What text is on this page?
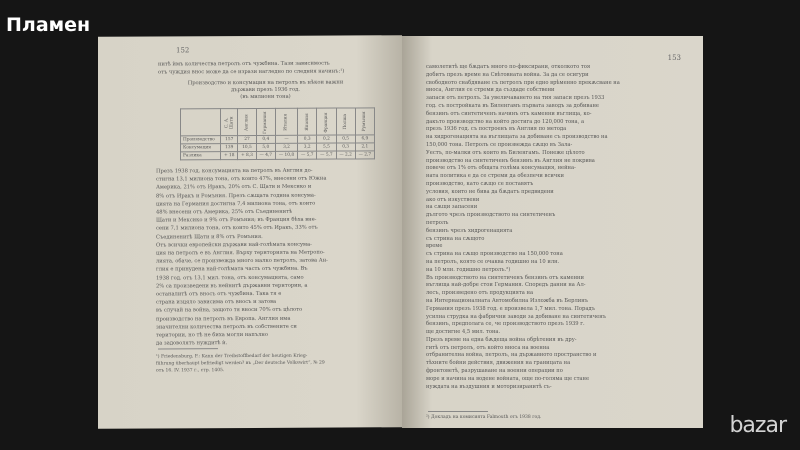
Пламен
152
нитѣ ѝмъ количества петролъ отъ чужбина. Тази зависимость
отъ чуждия внос може да се изрази нагледно по следния начинъ:¹)
Производство и консумация на петролъ въ нѣкои важни
държави презъ 1936 год.
(въ милиони тона)
	С. А. Щати	Англия	Германия	Италия	Япония	Франция	Полша	Румъния
Производство	157	27	0,4	—	0,3	0,2	0,5	6,9
Консумация	139	10,5	5,0	3,2	3,2	5,5	0,3	2,1
Разлика	+ 18	+ 8,3	— 4,7	— 10,8	— 5,7	— 5,7	— 2,2	— 2,7
Презъ 1938 год. консумацията на петролъ въ Англия до-
стигна 13,1 милиона тона, отъ които 47%, внесени отъ Южна
Америка, 21% отъ Иракъ, 20% отъ С. Щати и Мексико и
8% отъ Иракъ и Ромъния. Презъ сѫщата година консума-
цията на Германия достигна 7,4 милиона тона, отъ които
48% внесени отъ Америка, 25% отъ Съединенитѣ
Щати и Мексико и 9% отъ Ромъния; въ Франция бѣха вне-
сени 7,1 милиона тона, отъ които 45% отъ Иракъ, 33% отъ
Съединенитѣ Щати и 8% отъ Ромъния.
Отъ всички европейски държави най-голѣмата консума-
ция на петролъ е въ Англия. Върху територията на Метропо-
лията, обаче, се произвежда много малко петролъ, затова Ан-
глия е принудена най-голѣмата часть отъ чужбина. Въ
1938 год. отъ 13,1 мил. тона, отъ консумацията, само
2% са произведени въ нейнитѣ държавни територии, а
останалитѣ отъ вносъ отъ чужбина. Така тя е
страна изцяло зависима отъ вносъ и затова
въ случай на война, защото тя вноси 70% отъ цѣлото
производство на петролъ въ Европа. Англия има
значителни количества петролъ въ собствените си
територии, но тѣ не биха могли напълно
да задоволятъ нуждитѣ ѝ.
¹) Friedensburg, F.: Kann der Treibstoffbedarf der heutigen Krieg-
führung überhaupt befriedigt werden? въ „Der deutsche Volkswirt“, № 29
отъ 16. IV. 1937 г., стр. 1405.
153
самолетитѣ ще бѫдатъ много по-фиксирани, отколкото тоя
добитъ презъ време на Свѣтовната война. За да се осигури
свободното снабдяване съ петролъ при едно врѣменно прекѫсване на
вноса, Англия се стреми да създаде собствени
запаси отъ петролъ. За увеличаването на тия запаси презъ 1933
год. съ постройката въ Биленгамъ първата заводъ за добиване
бензинъ отъ синтетиченъ начинъ отъ каменни въглища, ко-
дакъто производство на който достига до 120,000 тона, а
презъ 1936 год. съ построенъ въ Англия по метода
на хидрогенацията на въглищата за добиване съ производство на
150,000 тона. Петролъ се произвежда сѫщо въ Зала-
Уестъ, по-малки отъ които въ Биленгамъ. Понеже цѣлото
производство на синтетиченъ бензинъ въ Англия не покрива
повече отъ 1% отъ общата голѣма консумация, нейна-
ната политика е да се стреми да обезпечи всички
производство, като сѫщо се поставятъ
условия, които не бива да бѫдатъ предвидени
ако отъ изкуствени
на сѫщи запасени
дългото чрезъ производството на синтетиченъ
петролъ
бензинъ чрезъ хидрогенацията
съ стрина на сѫщото
време
съ стрина на сѫщо производство на 150,000 тона
на петролъ, която се очаква годишно на 10 илн.
на 10 млн. годишно петролъ.²)
Въ производството на синтетиченъ бензинъ отъ каменни
въглища най-добре стои Германия. Споредъ данни на Ал-
лесъ, произведено отъ продукцията на
на Интернационалната Автомобилна Изложба въ Берлинъ
Германия презъ 1938 год. е произвела 1,7 мил. тона. Порадъ
усилна струдка на фабрични заводи за добиване на синтетиченъ
бензинъ, предполага се, че производството презъ 1939 г.
ще достигне 4,5 мил. тона.
Презъ време на една бѫдеща война обрѣтения въ дру-
гитѣ отъ петролъ, отъ който вноса на военна
отбранителна война, петролъ, на държавното пространство и
тѣхните бойни действия, движения на границата на
фронтоветѣ, разрушаване на военни операции по
море и начина на водене войната, още по-голяма ще стане
нуждата на въздушния и моторизиранитѣ съ-
²) Докладъ на комисията Falmouth отъ 1938 год.	bazar
